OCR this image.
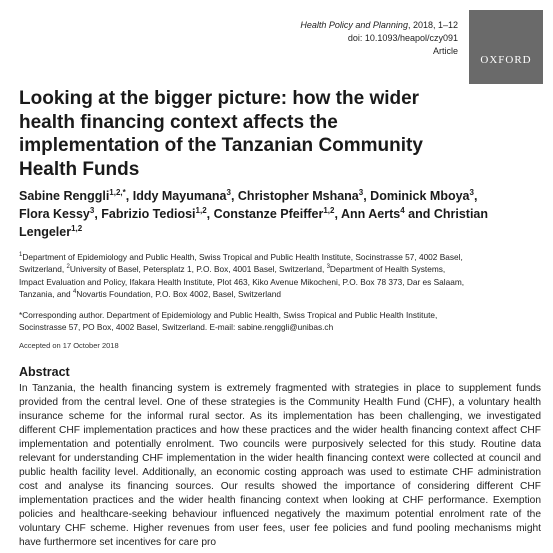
Health Policy and Planning, 2018, 1–12
doi: 10.1093/heapol/czy091
Article
OXFORD
Looking at the bigger picture: how the wider health financing context affects the implementation of the Tanzanian Community Health Funds
Sabine Renggli$^{1,2,*}$, Iddy Mayumana$^3$, Christopher Mshana$^3$, Dominick Mboya$^3$, Flora Kessy$^3$, Fabrizio Tediosi$^{1,2}$, Constanze Pfeiffer$^{1,2}$, Ann Aerts$^4$ and Christian Lengeler$^{1,2}$
$^1$Department of Epidemiology and Public Health, Swiss Tropical and Public Health Institute, Socinstrasse 57, 4002 Basel, Switzerland, $^2$University of Basel, Petersplatz 1, P.O. Box, 4001 Basel, Switzerland, $^3$Department of Health Systems, Impact Evaluation and Policy, Ifakara Health Institute, Plot 463, Kiko Avenue Mikocheni, P.O. Box 78 373, Dar es Salaam, Tanzania, and $^4$Novartis Foundation, P.O. Box 4002, Basel, Switzerland
*Corresponding author. Department of Epidemiology and Public Health, Swiss Tropical and Public Health Institute, Socinstrasse 57, PO Box, 4002 Basel, Switzerland. E-mail: sabine.renggli@unibas.ch
Accepted on 17 October 2018
Abstract

In Tanzania, the health financing system is extremely fragmented with strategies in place to supplement funds provided from the central level. One of these strategies is the Community Health Fund (CHF), a voluntary health insurance scheme for the informal rural sector. As its implementation has been challenging, we investigated different CHF implementation practices and how these practices and the wider health financing context affect CHF implementation and potentially enrolment. Two councils were purposively selected for this study. Routine data relevant for understanding CHF implementation in the wider health financing context were collected at council and public health facility level. Additionally, an economic costing approach was used to estimate CHF administration cost and analyse its financing sources. Our results showed the importance of considering different CHF implementation practices and the wider health financing context when looking at CHF performance. Exemption policies and healthcare-seeking behaviour influenced negatively the maximum potential enrolment rate of the voluntary CHF scheme. Higher revenues from user fees, user fee policies and fund pooling mechanisms might have furthermore set incentives for care pro
